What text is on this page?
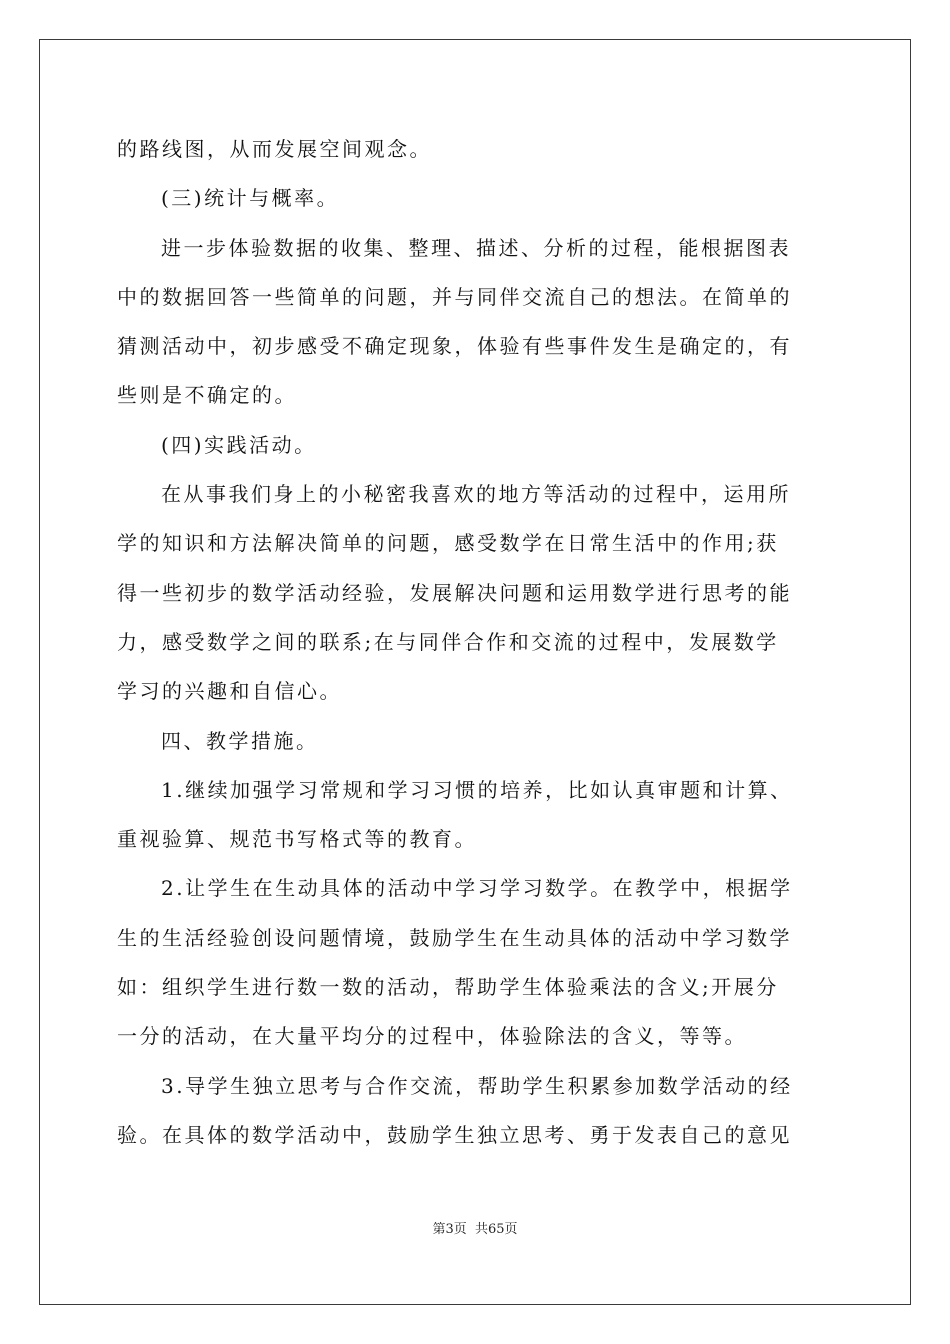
的路线图，从而发展空间观念。
(三)统计与概率。
进一步体验数据的收集、整理、描述、分析的过程，能根据图表
中的数据回答一些简单的问题，并与同伴交流自己的想法。在简单的
猜测活动中，初步感受不确定现象，体验有些事件发生是确定的，有
些则是不确定的。
(四)实践活动。
在从事我们身上的小秘密我喜欢的地方等活动的过程中，运用所
学的知识和方法解决简单的问题，感受数学在日常生活中的作用;获
得一些初步的数学活动经验，发展解决问题和运用数学进行思考的能
力，感受数学之间的联系;在与同伴合作和交流的过程中，发展数学
学习的兴趣和自信心。
四、教学措施。
1.继续加强学习常规和学习习惯的培养，比如认真审题和计算、
重视验算、规范书写格式等的教育。
2.让学生在生动具体的活动中学习学习数学。在教学中，根据学
生的生活经验创设问题情境，鼓励学生在生动具体的活动中学习数学
如：组织学生进行数一数的活动，帮助学生体验乘法的含义;开展分
一分的活动，在大量平均分的过程中，体验除法的含义，等等。
3.导学生独立思考与合作交流，帮助学生积累参加数学活动的经
验。在具体的数学活动中，鼓励学生独立思考、勇于发表自己的意见
第3页 共65页
